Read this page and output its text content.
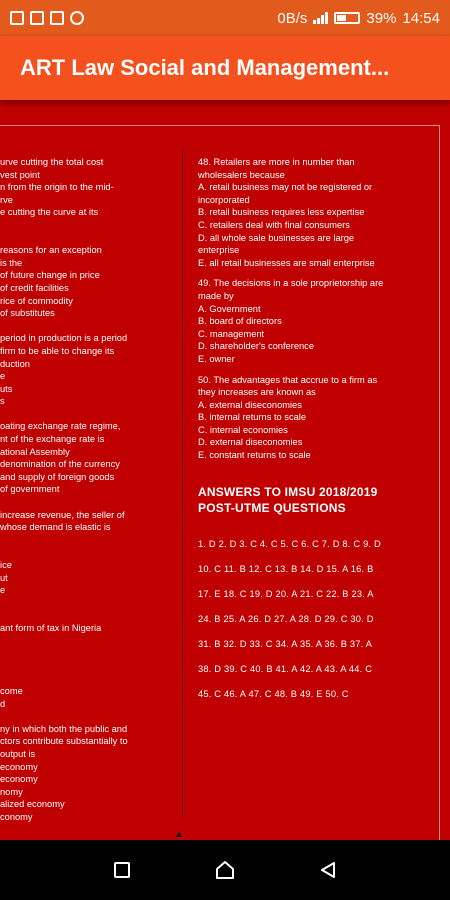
0B/s	39% 14:54
ART Law Social and Management...
urve cutting the total cost
vest point
n from the origin to the mid-
rve
e cutting the curve at its
reasons for an exception
is the
of future change in price
of credit facilities
rice of commodity
of substitutes
period in production is a period
firm to be able to change its
duction
e
uts
s
oating exchange rate regime,
nt of the exchange rate is
ational Assembly
denomination of the currency
and supply of foreign goods
of government
increase revenue, the seller of
whose demand is elastic is
ice
ut
e
ant form of tax in Nigeria
come
d
ny in which both the public and
ctors contribute substantially to
output is
economy
economy
nomy
alized economy
conomy
48. Retailers are more in number than
wholesalers because
A. retail business may not be registered or
incorporated
B. retail business requires less expertise
C. retailers deal with final consumers
D. all whole sale businesses are large
enterprise
E. all retail businesses are small enterprise
49. The decisions in a sole proprietorship are
made by
A. Government
B. board of directors
C. management
D. shareholder's conference
E. owner
50. The advantages that accrue to a firm as
they increases are known as
A. external diseconomies
B. internal returns to scale
C. internal economies
D. external diseconomies
E. constant returns to scale
ANSWERS TO IMSU 2018/2019
POST-UTME QUESTIONS
1. D 2. D 3. C 4. C 5. C 6. C 7. D 8. C 9. D
10. C 11. B 12. C 13. B 14. D 15. A 16. B
17. E 18. C 19. D 20. A 21. C 22. B 23. A
24. B 25. A 26. D 27. A 28. D 29. C 30. D
31. B 32. D 33. C 34. A 35. A 36. B 37. A
38. D 39. C 40. B 41. A 42. A 43. A 44. C
45. C 46. A 47. C 48. B 49. E 50. C
